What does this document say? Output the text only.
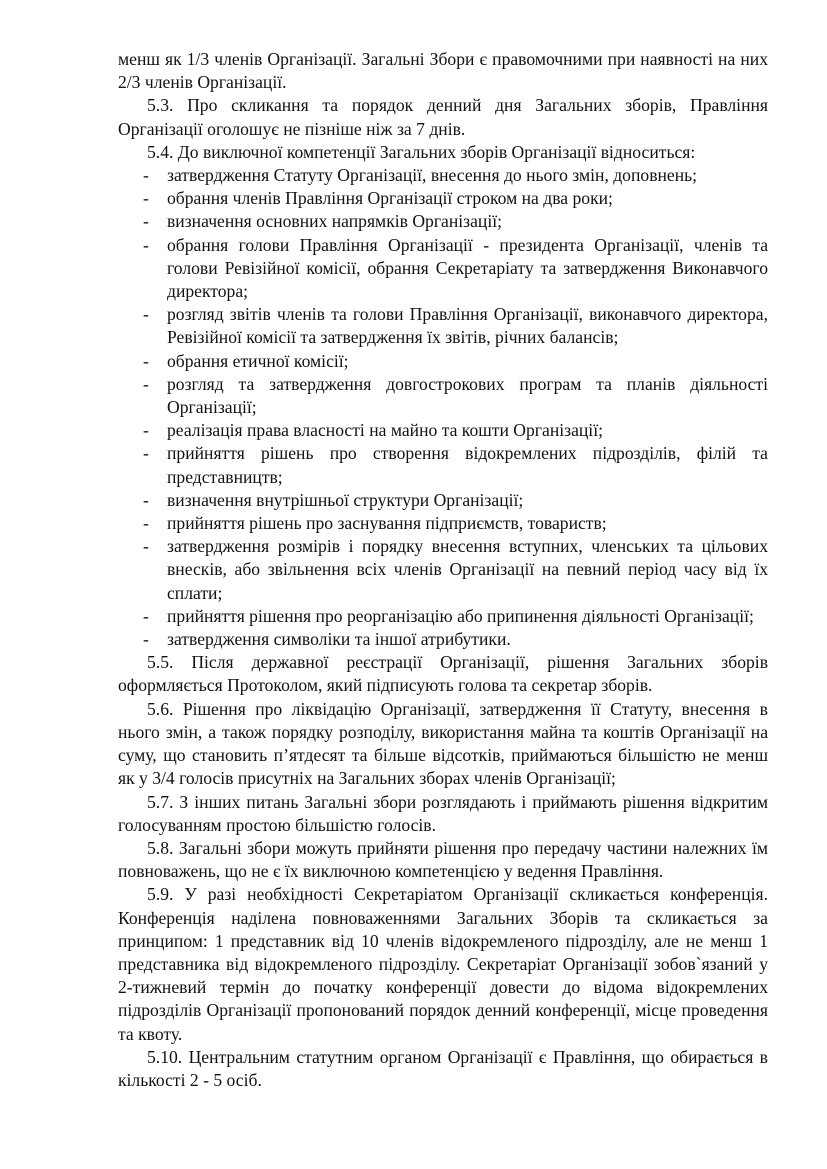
менш як 1/3 членів Організації. Загальні Збори є правомочними при наявності на них 2/3 членів Організації.

5.3. Про скликання та порядок денний дня Загальних зборів, Правління Організації оголошує не пізніше ніж за 7 днів.

5.4. До виключної компетенції Загальних зборів Організації відноситься:

- затвердження Статуту Організації, внесення до нього змін, доповнень;
- обрання членів Правління Організації строком на два роки;
- визначення основних напрямків Організації;
- обрання голови Правління Організації - президента Організації, членів та голови Ревізійної комісії, обрання Секретаріату та затвердження Виконавчого директора;
- розгляд звітів членів та голови Правління Організації, виконавчого директора, Ревізійної комісії та затвердження їх звітів, річних балансів;
- обрання етичної комісії;
- розгляд та затвердження довгострокових програм та планів діяльності Організації;
- реалізація права власності на майно та кошти Організації;
- прийняття рішень про створення відокремлених підрозділів, філій та представництв;
- визначення внутрішньої структури Організації;
- прийняття рішень про заснування підприємств, товариств;
- затвердження розмірів і порядку внесення вступних, членських та цільових внесків, або звільнення всіх членів Організації на певний період часу від їх сплати;
- прийняття рішення про реорганізацію або припинення діяльності Організації;
- затвердження символіки та іншої атрибутики.

5.5. Після державної реєстрації Організації, рішення Загальних зборів оформляється Протоколом, який підписують голова та секретар зборів.

5.6. Рішення про ліквідацію Організації, затвердження її Статуту, внесення в нього змін, а також порядку розподілу, використання майна та коштів Організації на суму, що становить п’ятдесят та більше відсотків, приймаються більшістю не менш як у 3/4 голосів присутніх на Загальних зборах членів Організації;

5.7. З інших питань Загальні збори розглядають і приймають рішення відкритим голосуванням простою більшістю голосів.

5.8. Загальні збори можуть прийняти рішення про передачу частини належних їм повноважень, що не є їх виключною компетенцією у ведення Правління.

5.9. У разі необхідності Секретаріатом Організації скликається конференція. Конференція наділена повноваженнями Загальних Зборів та скликається за принципом: 1 представник від 10 членів відокремленого підрозділу, але не менш 1 представника від відокремленого підрозділу. Секретаріат Організації зобов`язаний у 2-тижневий термін до початку конференції довести до відома відокремлених підрозділів Організації пропонований порядок денний конференції, місце проведення та квоту.

5.10. Центральним статутним органом Організації є Правління, що обирається в кількості 2 - 5 осіб.
